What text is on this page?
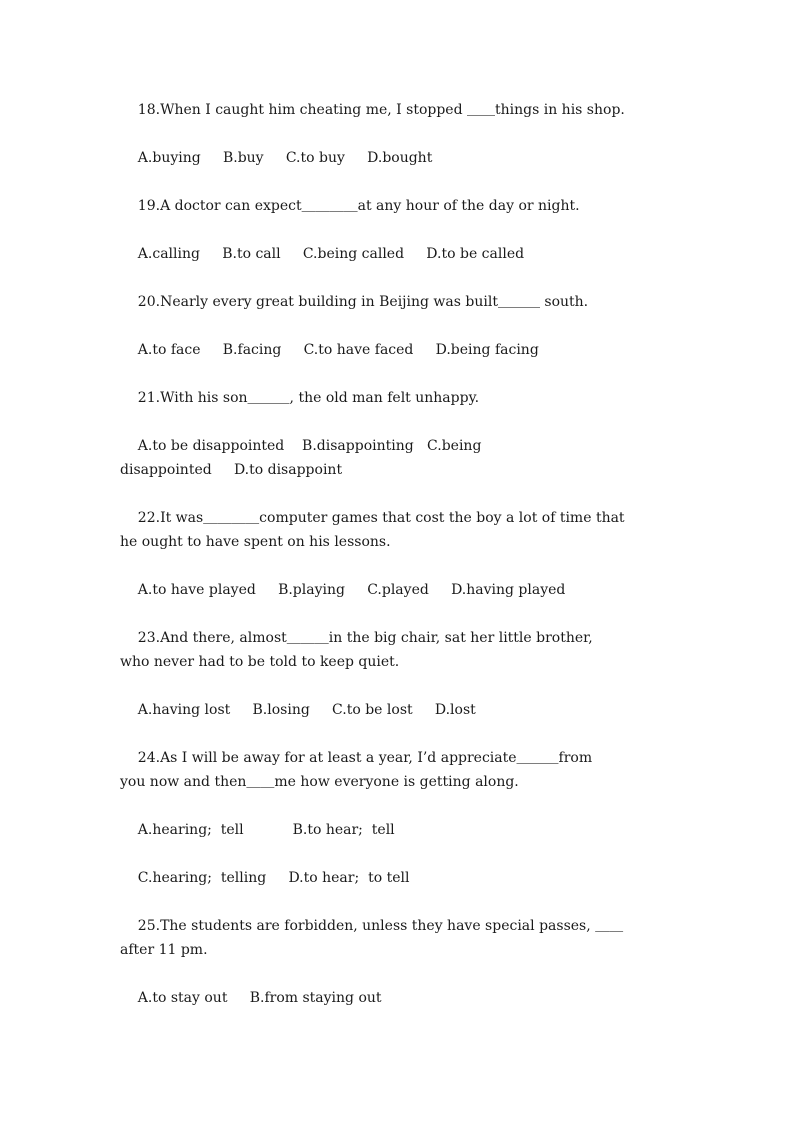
18.When I caught him cheating me, I stopped ＿＿things in his shop.
A.buying     B.buy     C.to buy     D.bought
19.A doctor can expect＿＿＿＿at any hour of the day or night.
A.calling     B.to call     C.being called     D.to be called
20.Nearly every great building in Beijing was built＿＿＿ south.
A.to face     B.facing     C.to have faced     D.being facing
21.With his son＿＿＿, the old man felt unhappy.
A.to be disappointed    B.disappointing   C.being
disappointed     D.to disappoint
22.It was＿＿＿＿computer games that cost the boy a lot of time that
he ought to have spent on his lessons.
A.to have played     B.playing     C.played     D.having played
23.And there, almost＿＿＿in the big chair, sat her little brother,
who never had to be told to keep quiet.
A.having lost     B.losing     C.to be lost     D.lost
24.As I will be away for at least a year, I’d appreciate＿＿＿from
you now and then＿＿me how everyone is getting along.
A.hearing;  tell           B.to hear;  tell
C.hearing;  telling     D.to hear;  to tell
25.The students are forbidden, unless they have special passes, ＿＿
after 11 pm.
A.to stay out     B.from staying out
